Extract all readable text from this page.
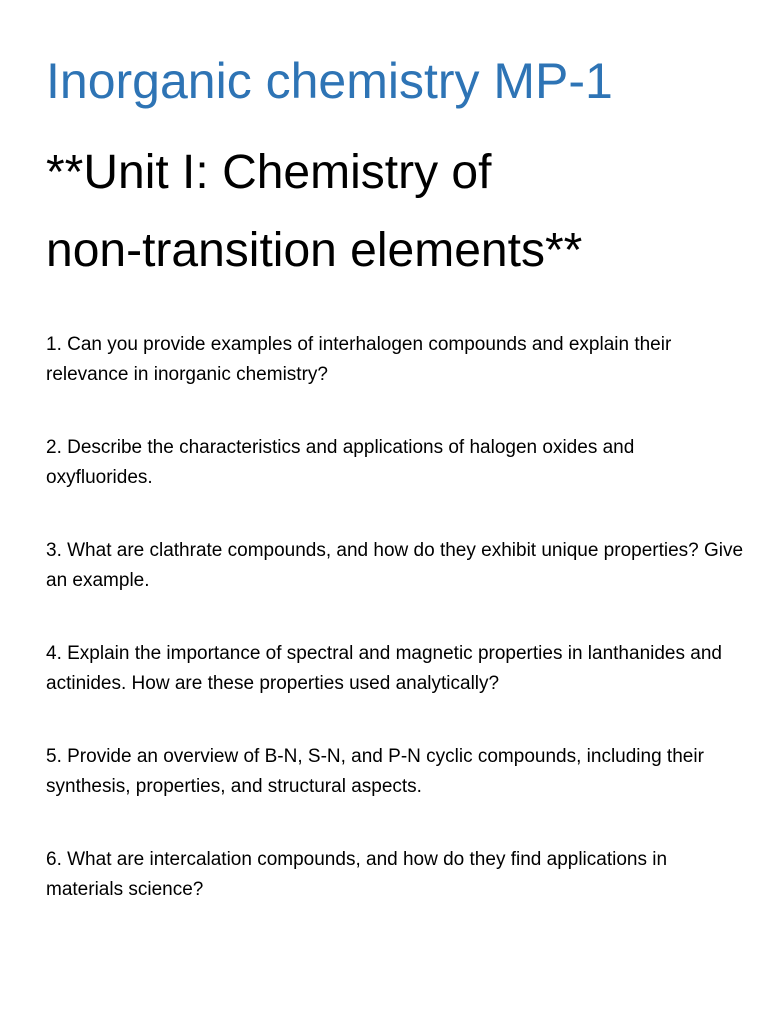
Inorganic chemistry MP-1
**Unit I: Chemistry of
non-transition elements**
1. Can you provide examples of interhalogen compounds and explain their relevance in inorganic chemistry?
2. Describe the characteristics and applications of halogen oxides and oxyfluorides.
3. What are clathrate compounds, and how do they exhibit unique properties? Give an example.
4. Explain the importance of spectral and magnetic properties in lanthanides and actinides. How are these properties used analytically?
5. Provide an overview of B-N, S-N, and P-N cyclic compounds, including their synthesis, properties, and structural aspects.
6. What are intercalation compounds, and how do they find applications in materials science?
